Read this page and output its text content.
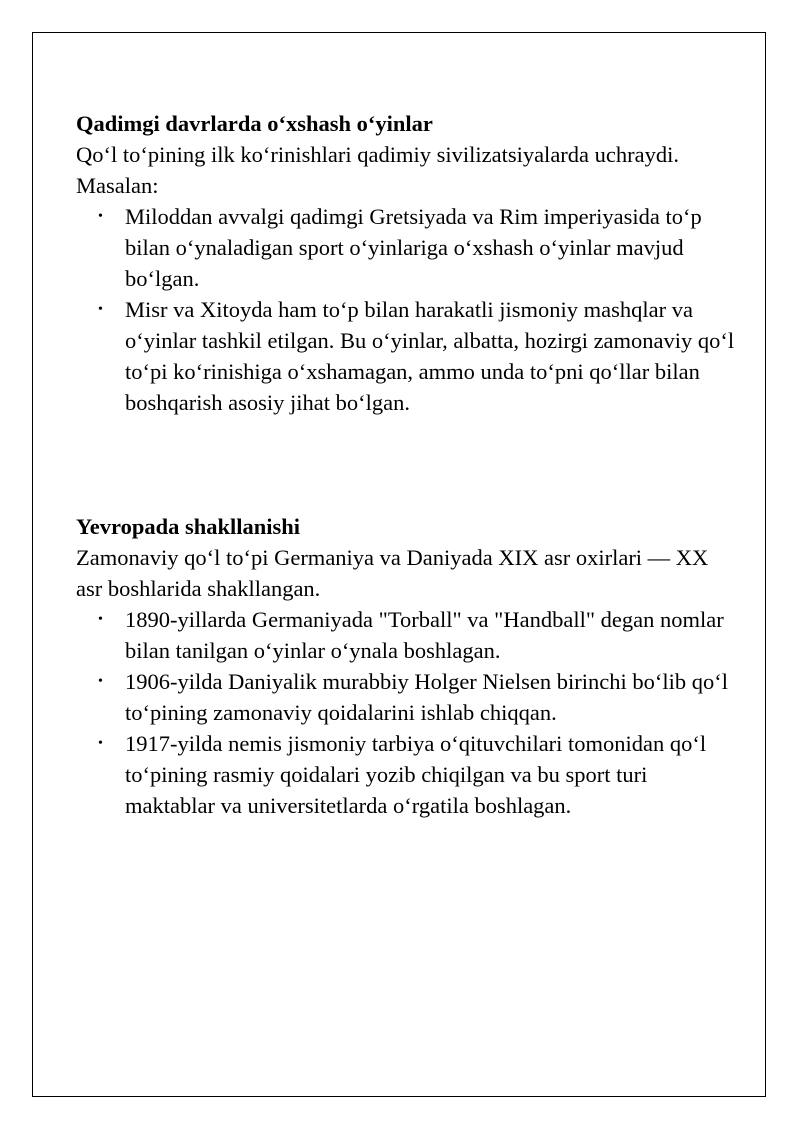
Qadimgi davrlarda o‘xshash o‘yinlar

Qo‘l to‘pining ilk ko‘rinishlari qadimiy sivilizatsiyalarda uchraydi. Masalan:

• Miloddan avvalgi qadimgi Gretsiyada va Rim imperiyasida to‘p bilan o‘ynaladigan sport o‘yinlariga o‘xshash o‘yinlar mavjud bo‘lgan.
• Misr va Xitoyda ham to‘p bilan harakatli jismoniy mashqlar va o‘yinlar tashkil etilgan. Bu o‘yinlar, albatta, hozirgi zamonaviy qo‘l to‘pi ko‘rinishiga o‘xshamagan, ammo unda to‘pni qo‘llar bilan boshqarish asosiy jihat bo‘lgan.

Yevropada shakllanishi

Zamonaviy qo‘l to‘pi Germaniya va Daniyada XIX asr oxirlari — XX asr boshlarida shakllangan.

• 1890-yillarda Germaniyada "Torball" va "Handball" degan nomlar bilan tanilgan o‘yinlar o‘ynala boshlagan.
• 1906-yilda Daniyalik murabbiy Holger Nielsen birinchi bo‘lib qo‘l to‘pining zamonaviy qoidalarini ishlab chiqqan.
• 1917-yilda nemis jismoniy tarbiya o‘qituvchilari tomonidan qo‘l to‘pining rasmiy qoidalari yozib chiqilgan va bu sport turi maktablar va universitetlarda o‘rgatila boshlagan.
